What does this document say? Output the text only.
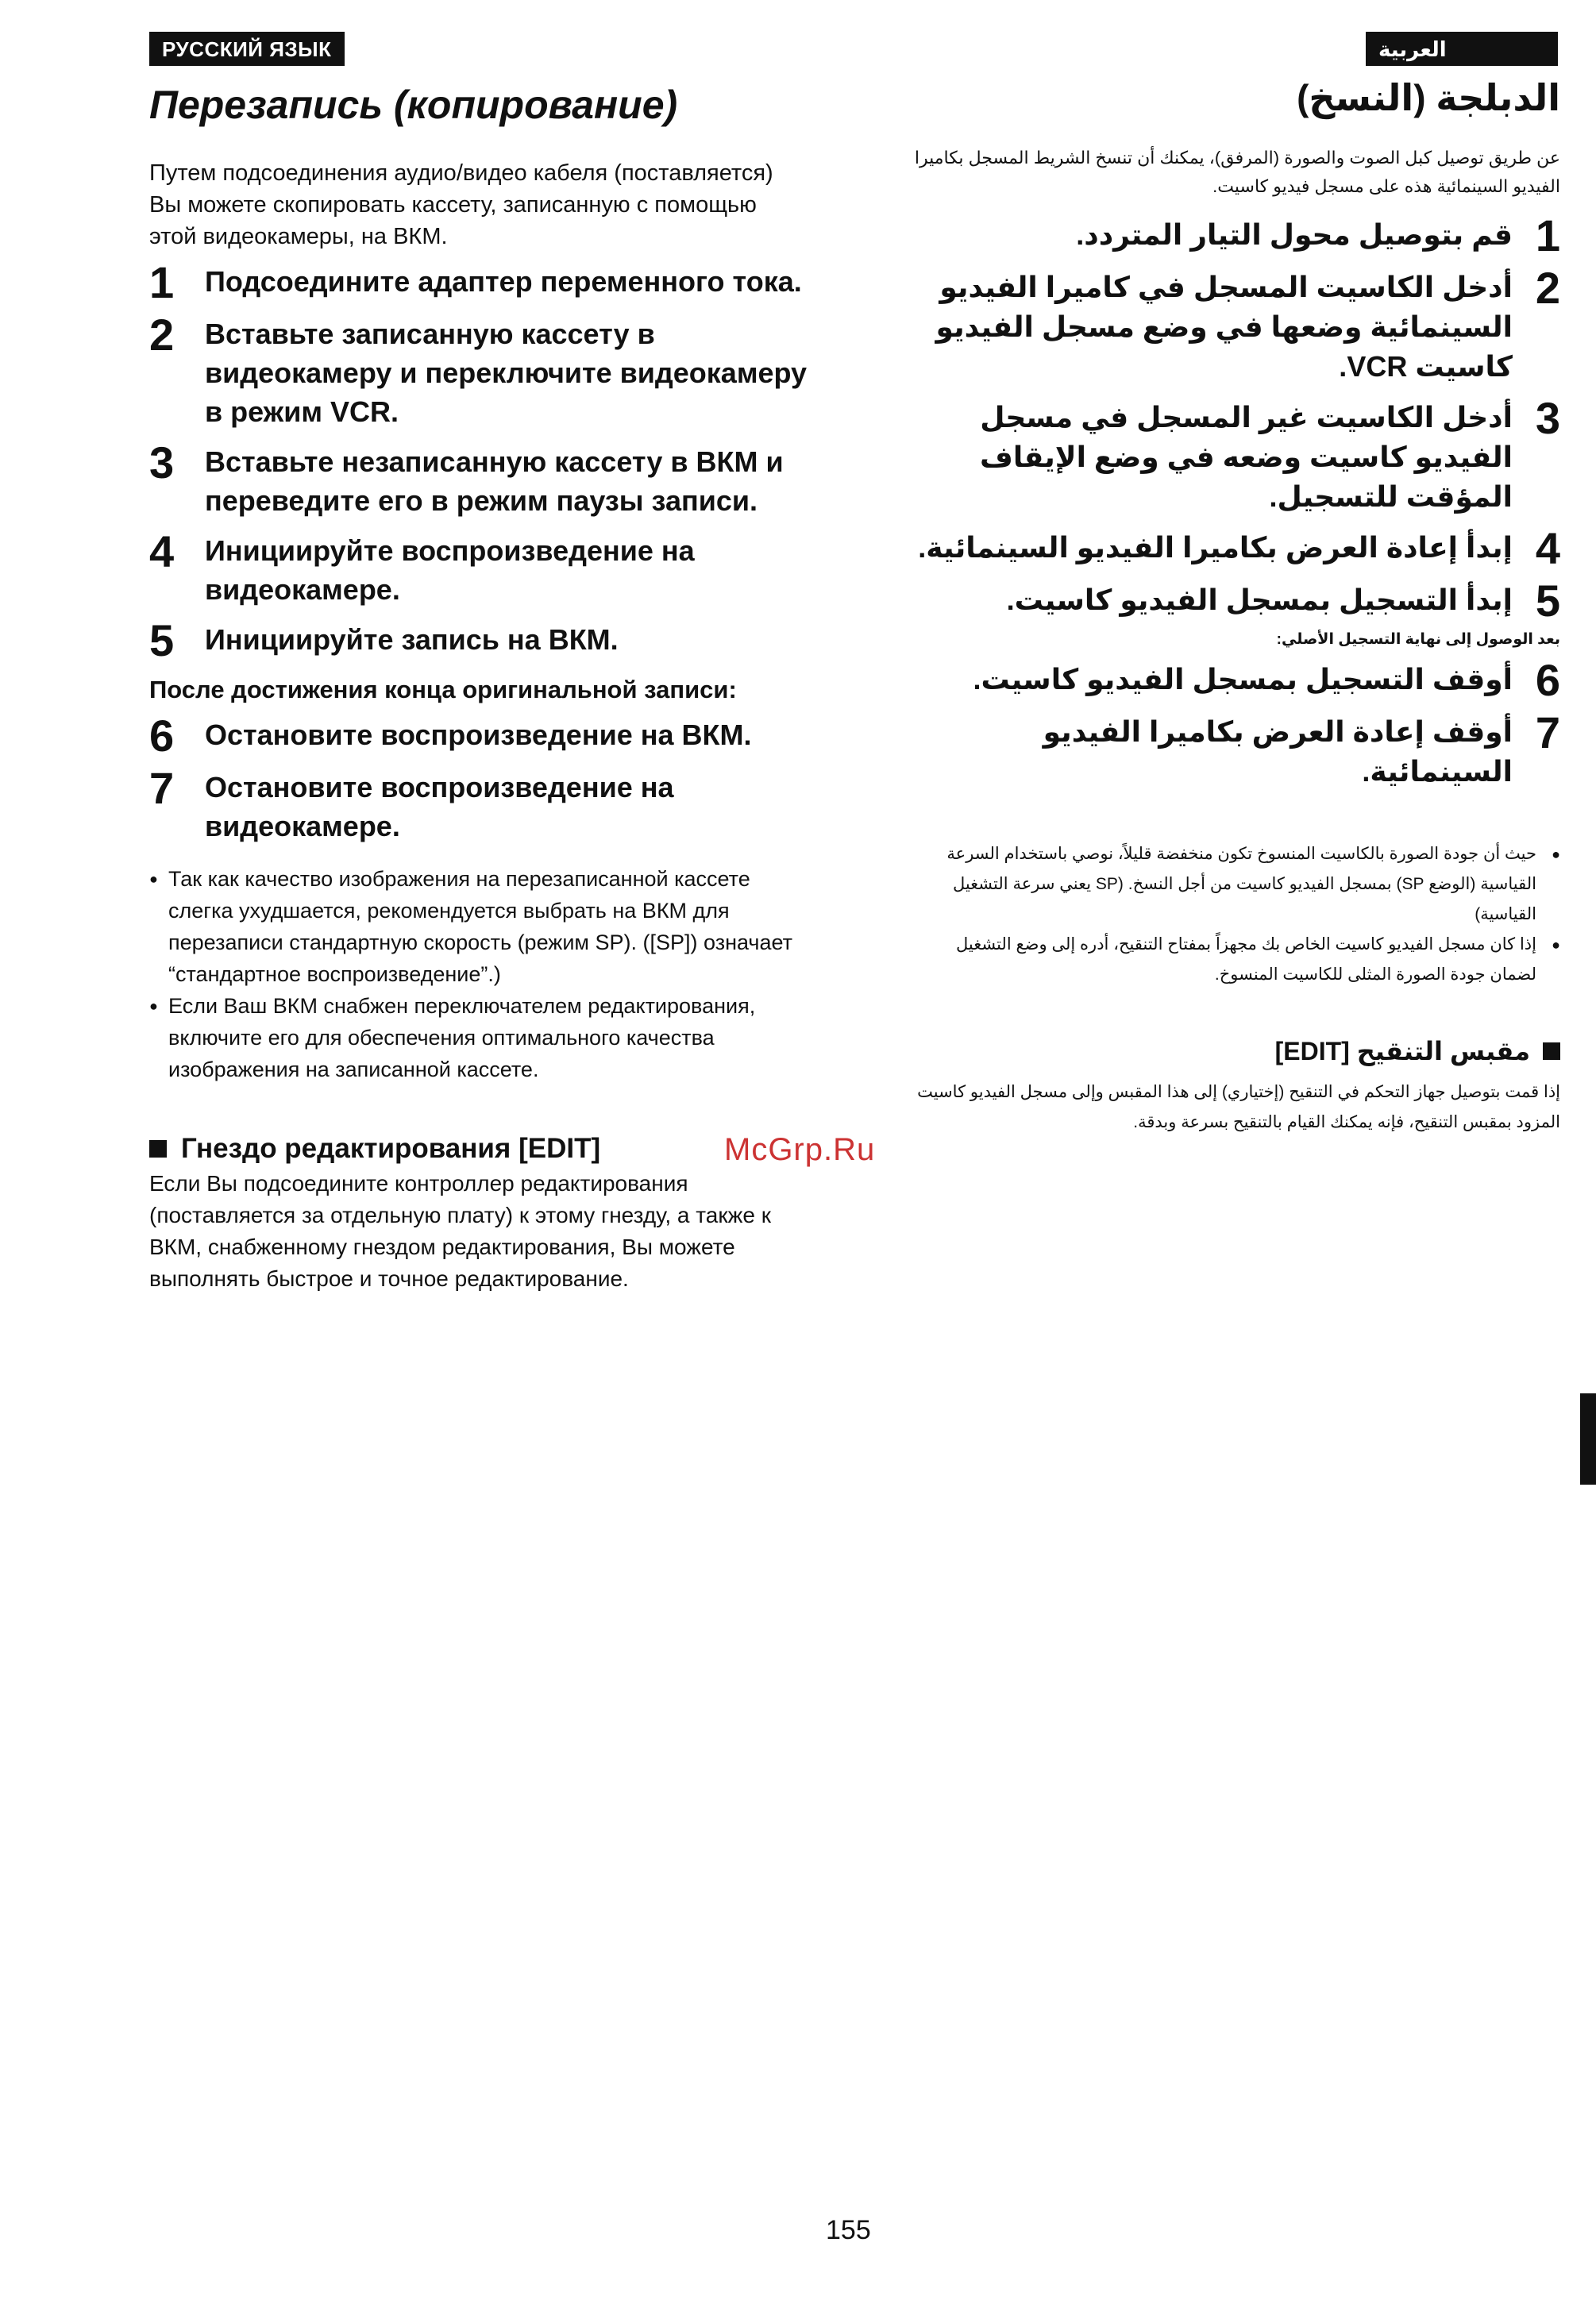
РУССКИЙ ЯЗЫК
Перезапись (копирование)

Путем подсоединения аудио/видео кабеля (поставляется) Вы можете скопировать кассету, записанную с помощью этой видеокамеры, на ВКМ.

1	Подсоедините адаптер переменного тока.
2	Вставьте записанную кассету в видеокамеру и переключите видеокамеру в режим VCR.
3	Вставьте незаписанную кассету в ВКМ и переведите его в режим паузы записи.
4	Инициируйте воспроизведение на видеокамере.
5	Инициируйте запись на ВКМ.
После достижения конца оригинальной записи:
6	Остановите воспроизведение на ВКМ.
7	Остановите воспроизведение на видеокамере.
● Так как качество изображения на перезаписанной кассете слегка ухудшается, рекомендуется выбрать на ВКМ для перезаписи стандартную скорость (режим SP). ([SP]) означает “стандартное воспроизведение”.)
● Если Ваш ВКМ снабжен переключателем редактирования, включите его для обеспечения оптимального качества изображения на записанной кассете.
Гнездо редактирования [EDIT]

Если Вы подсоедините контроллер редактирования (поставляется за отдельную плату) к этому гнезду, а также к ВКМ, снабженному гнездом редактирования, Вы можете выполнять быстрое и точное редактирование.

العربية
الدبلجة (النسخ)

عن طريق توصيل كبل الصوت والصورة (المرفق)، يمكنك أن تنسخ الشريط المسجل بكاميرا الفيديو السينمائية هذه على مسجل فيديو كاسيت.

1
قم بتوصيل محول التيار المتردد.
2
أدخل الكاسيت المسجل في كاميرا الفيديو السينمائية وضعها في وضع مسجل الفيديو كاسيت VCR.
3
أدخل الكاسيت غير المسجل في مسجل الفيديو كاسيت وضعه في وضع الإيقاف المؤقت للتسجيل.
4
إبدأ إعادة العرض بكاميرا الفيديو السينمائية.
5
إبدأ التسجيل بمسجل الفيديو كاسيت.
بعد الوصول إلى نهاية التسجيل الأصلي:
6
أوقف التسجيل بمسجل الفيديو كاسيت.
7
أوقف إعادة العرض بكاميرا الفيديو السينمائية.
● حيث أن جودة الصورة بالكاسيت المنسوخ تكون منخفضة قليلاً، نوصي باستخدام السرعة القياسية (الوضع SP) بمسجل الفيديو كاسيت من أجل النسخ. (SP يعني سرعة التشغيل القياسية)
● إذا كان مسجل الفيديو كاسيت الخاص بك مجهزاً بمفتاح التنقيح، أدره إلى وضع التشغيل لضمان جودة الصورة المثلى للكاسيت المنسوخ.
مقبس التنقيح [EDIT]

إذا قمت بتوصيل جهاز التحكم في التنقيح (إختياري) إلى هذا المقبس وإلى مسجل الفيديو كاسيت المزود بمقبس التنقيح، فإنه يمكنك القيام بالتنقيح بسرعة وبدقة.

McGrp.Ru
155
